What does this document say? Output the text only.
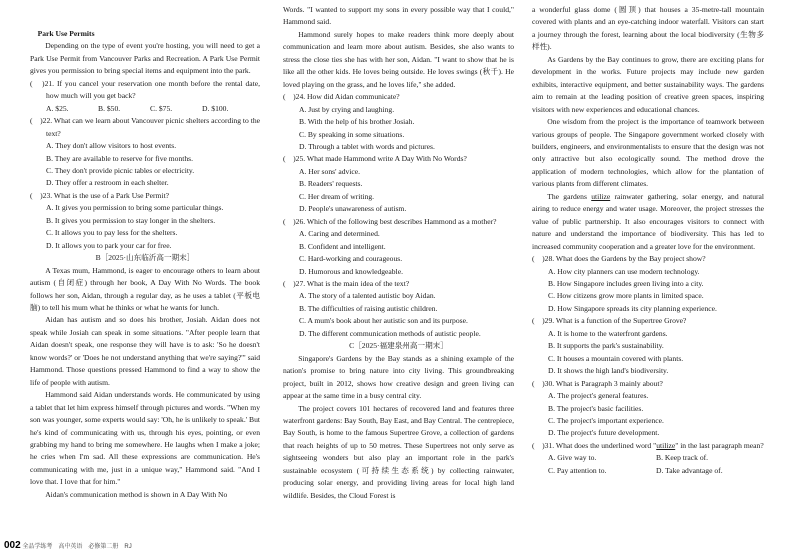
Park Use Permits

Depending on the type of event you're hosting, you will need to get a Park Use Permit from Vancouver Parks and Recreation. A Park Use Permit gives you permission to bring special items and equipment into the park.

(　)21. If you cancel your reservation one month before the rental date, how much will you get back?

A. $25.	B. $50.	C. $75.	D. $100.

(　)22. What can we learn about Vancouver picnic shelters according to the text?

A. They don't allow visitors to host events.

B. They are available to reserve for five months.

C. They don't provide picnic tables or electricity.

D. They offer a restroom in each shelter.

(　)23. What is the use of a Park Use Permit?

A. It gives you permission to bring some particular things.

B. It gives you permission to stay longer in the shelters.

C. It allows you to pay less for the shelters.

D. It allows you to park your car for free.

B［2025·山东临沂高一期末］

A Texas mum, Hammond, is eager to encourage others to learn about autism (自闭症) through her book, A Day With No Words. The book follows her son, Aidan, through a regular day, as he uses a tablet (平板电脑) to tell his mum what he thinks or what he wants for lunch.

Aidan has autism and so does his brother, Josiah. Aidan does not speak while Josiah can speak in some situations. "After people learn that Aidan doesn't speak, one response they will have is to ask: 'So he doesn't know words?' or 'Does he not understand anything that we're saying?'" said Hammond. Those questions pressed Hammond to find a way to show the life of people with autism.

Hammond said Aidan understands words. He communicated by using a tablet that let him express himself through pictures and words. "When my son was younger, some experts would say: 'Oh, he is unlikely to speak.' But he's kind of communicating with us, through his eyes, pointing, or even grabbing my hand to bring me somewhere. He laughs when I make a joke; he cries when I'm sad. All these expressions are communication. He's communicating with me, just in a unique way," Hammond said. "And I love that. I love that for him."

Aidan's communication method is shown in A Day With No

Words. "I wanted to support my sons in every possible way that I could," Hammond said.

Hammond surely hopes to make readers think more deeply about communication and learn more about autism. Besides, she also wants to stress the close ties she has with her son, Aidan. "I want to show that he is like all the other kids. He loves being outside. He loves swings (秋千). He loved playing on the grass, and he loves life," she added.

(　)24. How did Aidan communicate?

A. Just by crying and laughing.

B. With the help of his brother Josiah.

C. By speaking in some situations.

D. Through a tablet with words and pictures.

(　)25. What made Hammond write A Day With No Words?

A. Her sons' advice.

B. Readers' requests.

C. Her dream of writing.

D. People's unawareness of autism.

(　)26. Which of the following best describes Hammond as a mother?

A. Caring and determined.

B. Confident and intelligent.

C. Hard-working and courageous.

D. Humorous and knowledgeable.

(　)27. What is the main idea of the text?

A. The story of a talented autistic boy Aidan.

B. The difficulties of raising autistic children.

C. A mum's book about her autistic son and its purpose.

D. The different communication methods of autistic people.

C［2025·福建泉州高一期末］

Singapore's Gardens by the Bay stands as a shining example of the nation's promise to bring nature into city living. This groundbreaking project, built in 2012, shows how creative design and green living can appear at the same time in a busy central city.

The project covers 101 hectares of recovered land and features three waterfront gardens: Bay South, Bay East, and Bay Central. The centrepiece, Bay South, is home to the famous Supertree Grove, a collection of gardens that reach heights of up to 50 metres. These Supertrees not only serve as sightseeing wonders but also play an important role in the park's sustainable ecosystem (可持续生态系统) by collecting rainwater, producing solar energy, and providing living areas for local high land wildlife. Besides, the Cloud Forest is

a wonderful glass dome (圆顶) that houses a 35-metre-tall mountain covered with plants and an eye-catching indoor waterfall. Visitors can start a journey through the forest, learning about the local biodiversity (生物多样性).

As Gardens by the Bay continues to grow, there are exciting plans for development in the works. Future projects may include new garden exhibits, interactive equipment, and better sustainability ways. The gardens aim to remain at the leading position of creative green spaces, inspiring visitors with new experiences and educational chances.

One wisdom from the project is the importance of teamwork between various groups of people. The Singapore government worked closely with builders, engineers, and environmentalists to ensure that the design was not only attractive but also ecologically sound. The method drove the application of modern technologies, which allow for the plantation of various plants from different climates.

The gardens utilize rainwater gathering, solar energy, and natural airing to reduce energy and water usage. Moreover, the project stresses the value of public partnership. It also encourages visitors to connect with nature and understand the importance of biodiversity. This has led to increased community cooperation and a greater love for the environment.

(　)28. What does the Gardens by the Bay project show?

A. How city planners can use modern technology.

B. How Singapore includes green living into a city.

C. How citizens grow more plants in limited space.

D. How Singapore spreads its city planning experience.

(　)29. What is a function of the Supertree Grove?

A. It is home to the waterfront gardens.

B. It supports the park's sustainability.

C. It houses a mountain covered with plants.

D. It shows the high land's biodiversity.

(　)30. What is Paragraph 3 mainly about?

A. The project's general features.

B. The project's basic facilities.

C. The project's important experience.

D. The project's future development.

(　)31. What does the underlined word "utilize" in the last paragraph mean?

A. Give way to.	B. Keep track of.
C. Pay attention to.	D. Take advantage of.
002 全品学练考　高中英语　必修第二册　RJ
